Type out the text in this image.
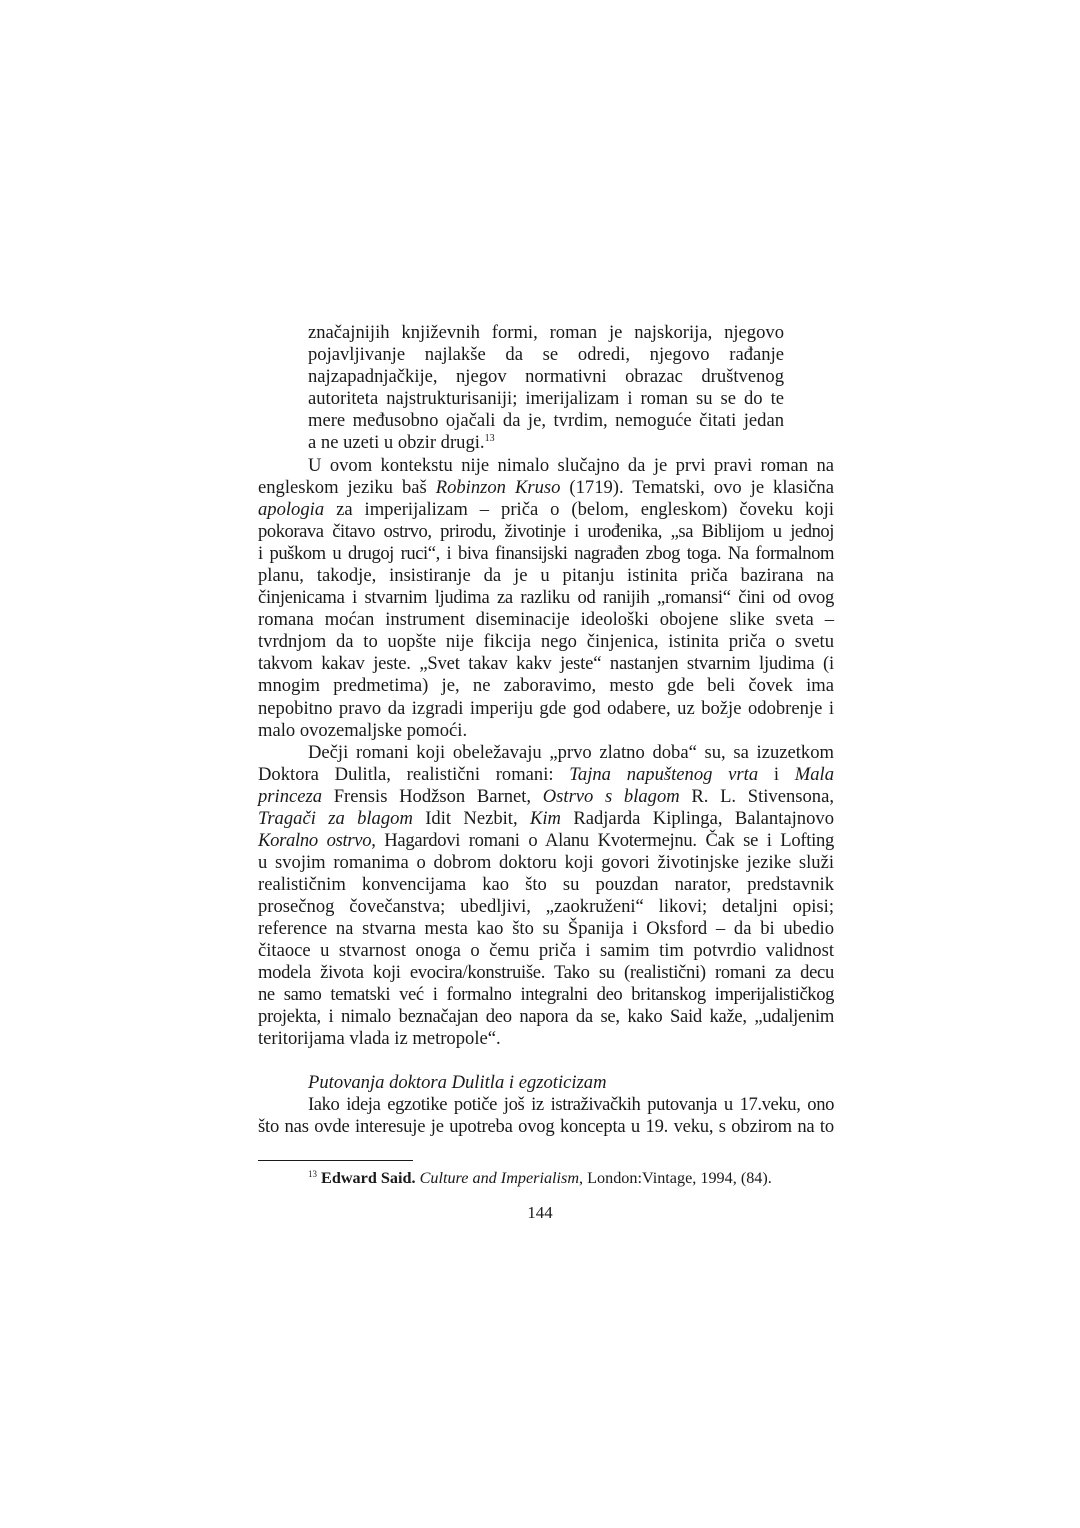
značajnijih književnih formi, roman je najskorija, njegovo
pojavljivanje najlakše da se odredi, njegovo rađanje
najzapadnjačkije, njegov normativni obrazac društvenog
autoriteta najstrukturisaniji; imerijalizam i roman su se do te
mere međusobno ojačali da je, tvrdim, nemoguće čitati jedan
a ne uzeti u obzir drugi.$^{13}$
U ovom kontekstu nije nimalo slučajno da je prvi pravi roman na
engleskom jeziku baš Robinzon Kruso (1719). Tematski, ovo je klasična
apologia za imperijalizam – priča o (belom, engleskom) čoveku koji
pokorava čitavo ostrvo, prirodu, životinje i urođenika, „sa Biblijom u jednoj
i puškom u drugoj ruci“, i biva finansijski nagrađen zbog toga. Na formalnom
planu, takodje, insistiranje da je u pitanju istinita priča bazirana na
činjenicama i stvarnim ljudima za razliku od ranijih „romansi“ čini od ovog
romana moćan instrument diseminacije ideološki obojene slike sveta –
tvrdnjom da to uopšte nije fikcija nego činjenica, istinita priča o svetu
takvom kakav jeste. „Svet takav kakv jeste“ nastanjen stvarnim ljudima (i
mnogim predmetima) je, ne zaboravimo, mesto gde beli čovek ima
nepobitno pravo da izgradi imperiju gde god odabere, uz božje odobrenje i
malo ovozemaljske pomoći.
Dečji romani koji obeležavaju „prvo zlatno doba“ su, sa izuzetkom
Doktora Dulitla, realistični romani: Tajna napuštenog vrta i Mala
princeza Frensis Hodžson Barnet, Ostrvo s blagom R. L. Stivensona,
Tragači za blagom Idit Nezbit, Kim Radjarda Kiplinga, Balantajnovo
Koralno ostrvo, Hagardovi romani o Alanu Kvotermejnu. Čak se i Lofting
u svojim romanima o dobrom doktoru koji govori životinjske jezike služi
realističnim konvencijama kao što su pouzdan narator, predstavnik
prosečnog čovečanstva; ubedljivi, „zaokruženi“ likovi; detaljni opisi;
reference na stvarna mesta kao što su Španija i Oksford – da bi ubedio
čitaoce u stvarnost onoga o čemu priča i samim tim potvrdio validnost
modela života koji evocira/konstruiše. Tako su (realistični) romani za decu
ne samo tematski već i formalno integralni deo britanskog imperijalističkog
projekta, i nimalo beznačajan deo napora da se, kako Said kaže, „udaljenim
teritorijama vlada iz metropole“.
Putovanja doktora Dulitla i egzoticizam
Iako ideja egzotike potiče još iz istraživačkih putovanja u 17.veku, ono
što nas ovde interesuje je upotreba ovog koncepta u 19. veku, s obzirom na to
$^{13}$ Edward Said. Culture and Imperialism, London:Vintage, 1994, (84).
144
